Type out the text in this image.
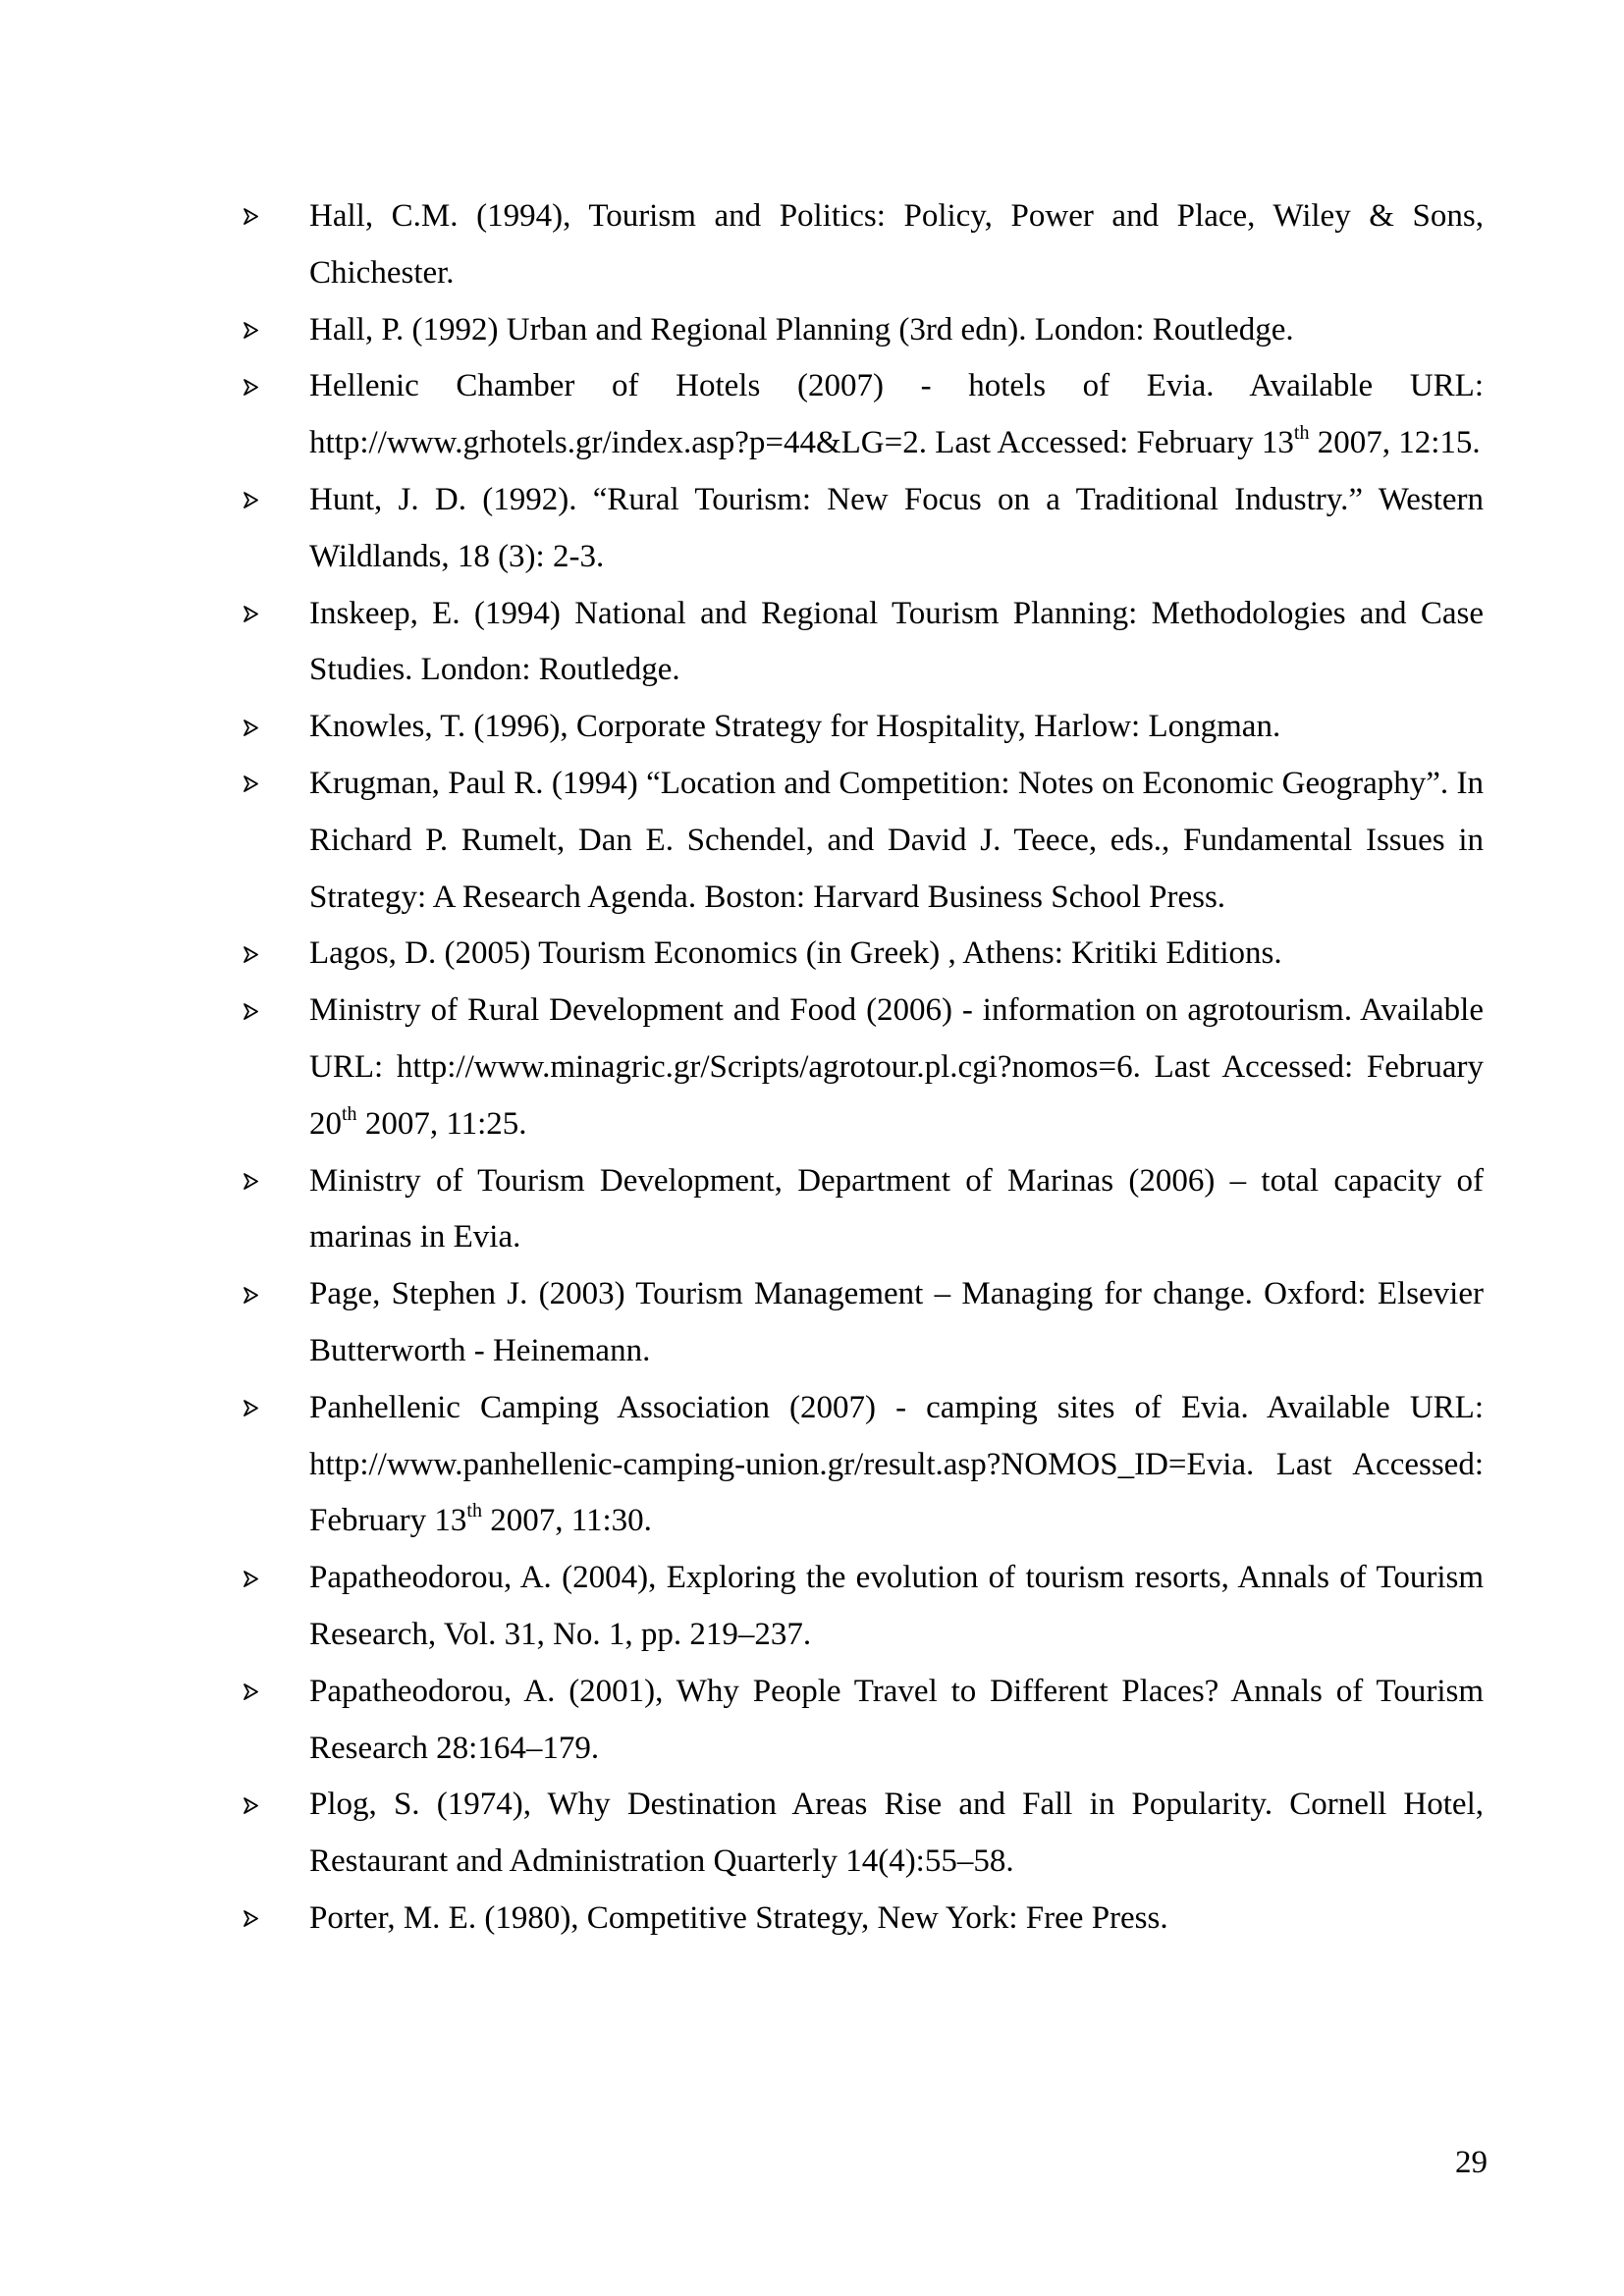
Hall, C.M. (1994), Tourism and Politics: Policy, Power and Place, Wiley & Sons, Chichester.
Hall, P. (1992) Urban and Regional Planning (3rd edn). London: Routledge.
Hellenic Chamber of Hotels (2007) - hotels of Evia. Available URL: http://www.grhotels.gr/index.asp?p=44&LG=2. Last Accessed: February 13th 2007, 12:15.
Hunt, J. D. (1992). “Rural Tourism: New Focus on a Traditional Industry.” Western Wildlands, 18 (3): 2-3.
Inskeep, E. (1994) National and Regional Tourism Planning: Methodologies and Case Studies. London: Routledge.
Knowles, T. (1996), Corporate Strategy for Hospitality, Harlow: Longman.
Krugman, Paul R. (1994) “Location and Competition: Notes on Economic Geography”. In Richard P. Rumelt, Dan E. Schendel, and David J. Teece, eds., Fundamental Issues in Strategy: A Research Agenda. Boston: Harvard Business School Press.
Lagos, D. (2005) Tourism Economics (in Greek) , Athens: Kritiki Editions.
Ministry of Rural Development and Food (2006) - information on agrotourism. Available URL: http://www.minagric.gr/Scripts/agrotour.pl.cgi?nomos=6. Last Accessed: February 20th 2007, 11:25.
Ministry of Tourism Development, Department of Marinas (2006) – total capacity of marinas in Evia.
Page, Stephen J. (2003) Tourism Management – Managing for change. Oxford: Elsevier Butterworth - Heinemann.
Panhellenic Camping Association (2007) - camping sites of Evia. Available URL: http://www.panhellenic-camping-union.gr/result.asp?NOMOS_ID=Evia. Last Accessed: February 13th 2007, 11:30.
Papatheodorou, A. (2004), Exploring the evolution of tourism resorts, Annals of Tourism Research, Vol. 31, No. 1, pp. 219–237.
Papatheodorou, A. (2001), Why People Travel to Different Places? Annals of Tourism Research 28:164–179.
Plog, S. (1974), Why Destination Areas Rise and Fall in Popularity. Cornell Hotel, Restaurant and Administration Quarterly 14(4):55–58.
Porter, M. E. (1980), Competitive Strategy, New York: Free Press.
29
